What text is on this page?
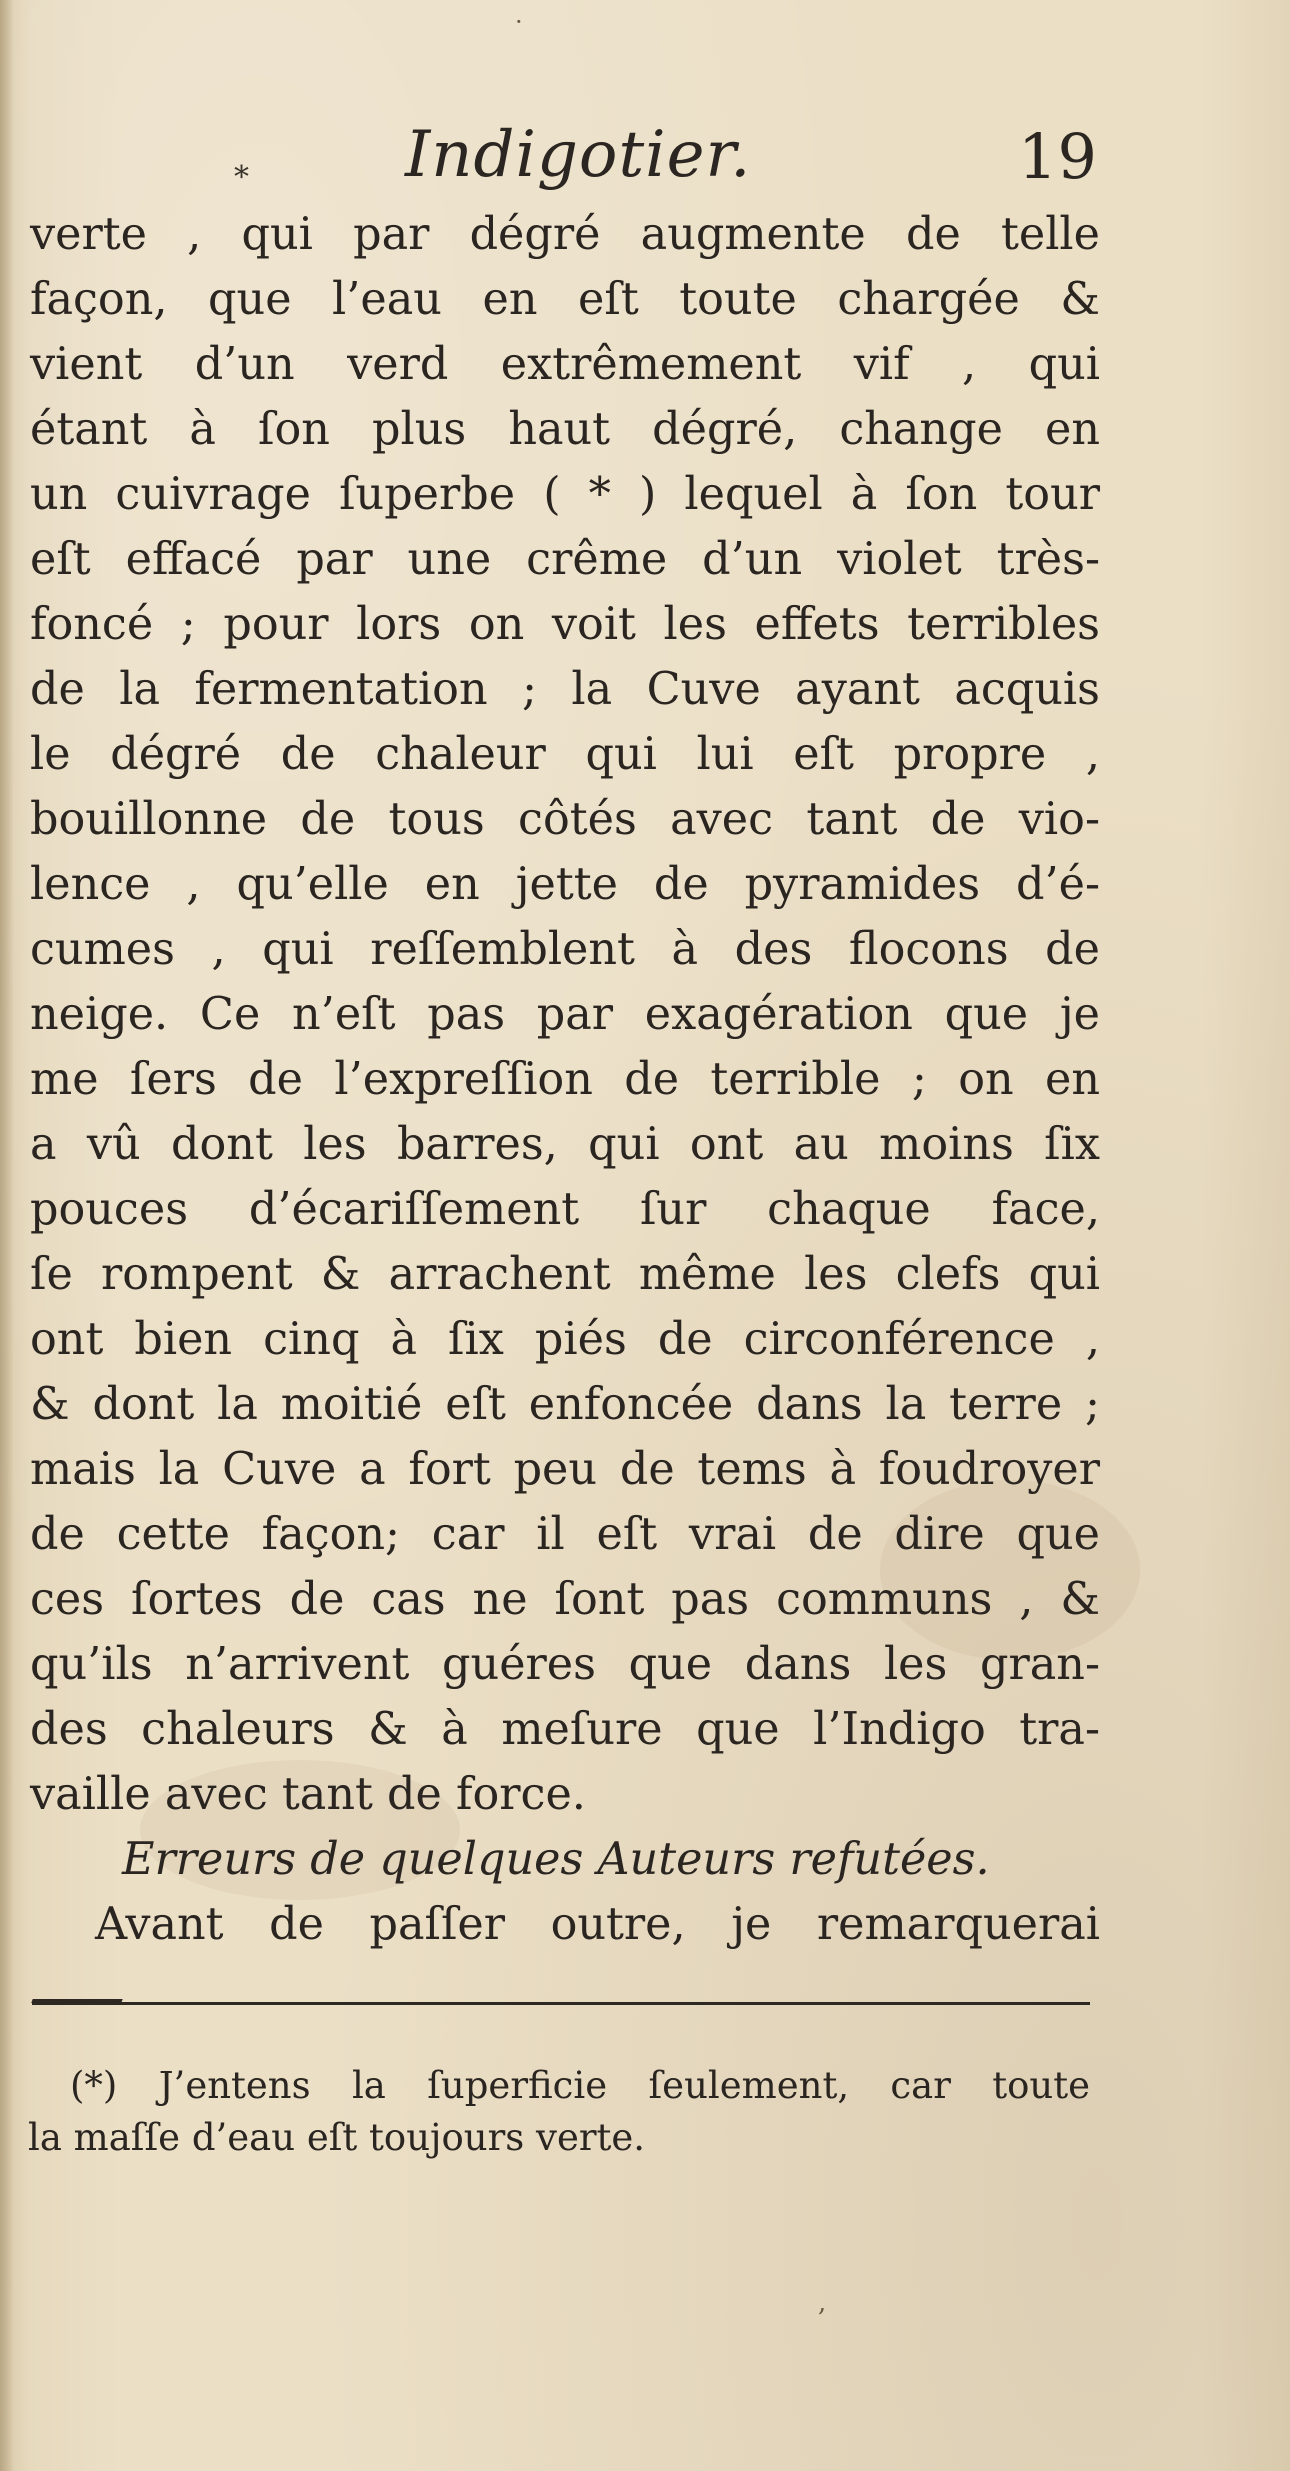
·
* Indigotier.	19
verte , qui par dégré augmente de telle
façon, que l’eau en eſt toute chargée &
vient d’un verd extrêmement vif , qui
étant à ſon plus haut dégré, change en
un cuivrage ſuperbe ( * ) lequel à ſon tour
eſt effacé par une crême d’un violet très-
foncé ; pour lors on voit les effets terribles
de la fermentation ; la Cuve ayant acquis
le dégré de chaleur qui lui eſt propre ,
bouillonne de tous côtés avec tant de vio-
lence , qu’elle en jette de pyramides d’é-
cumes , qui reſſemblent à des flocons de
neige. Ce n’eſt pas par exagération que je
me ſers de l’expreſſion de terrible ; on en
a vû dont les barres, qui ont au moins ſix
pouces d’écariſſement ſur chaque face,
ſe rompent & arrachent même les clefs qui
ont bien cinq à ſix piés de circonférence ,
& dont la moitié eſt enfoncée dans la terre ;
mais la Cuve a fort peu de tems à foudroyer
de cette façon; car il eſt vrai de dire que
ces ſortes de cas ne ſont pas communs , &
qu’ils n’arrivent guéres que dans les gran-
des chaleurs & à meſure que l’Indigo tra-
vaille avec tant de force.
Erreurs de quelques Auteurs refutées.
Avant de paſſer outre, je remarquerai
(*) J’entens la ſuperficie ſeulement, car toute
la maſſe d’eau eſt toujours verte.
,
